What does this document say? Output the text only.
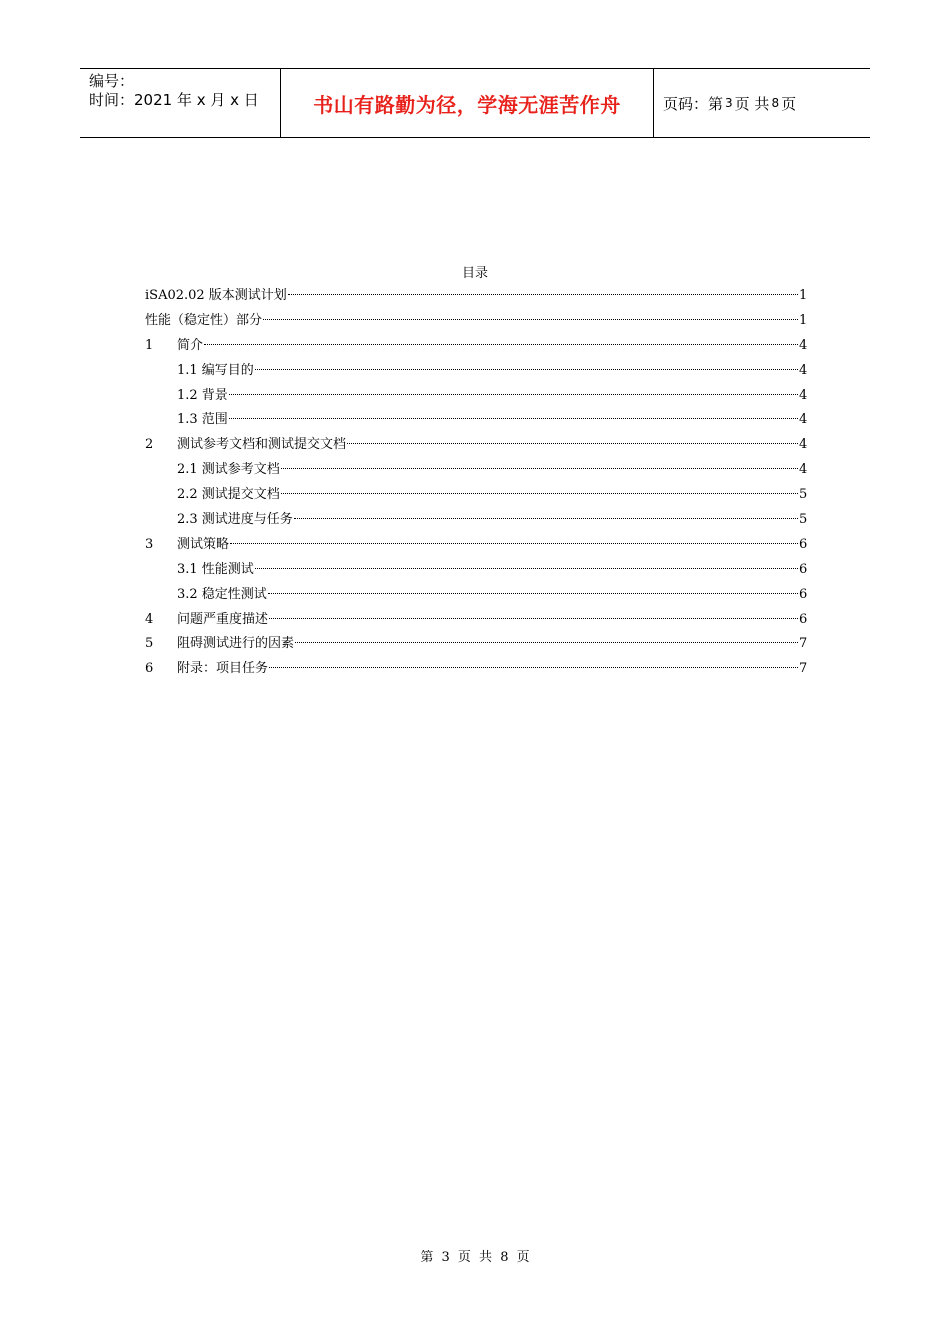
编号：
时间：2021 年 x 月 x 日	书山有路勤为径，学海无涯苦作舟	页码：第 3 页 共 8 页
目录
iSA02.02 版本测试计划	1
性能（稳定性）部分	1
1	简介	4
1.1 编写目的	4
1.2 背景	4
1.3 范围	4
2	测试参考文档和测试提交文档	4
2.1 测试参考文档	4
2.2 测试提交文档	5
2.3 测试进度与任务	5
3	测试策略	6
3.1 性能测试	6
3.2 稳定性测试	6
4	问题严重度描述	6
5	阻碍测试进行的因素	7
6	附录：项目任务	7
第 3 页 共 8 页
